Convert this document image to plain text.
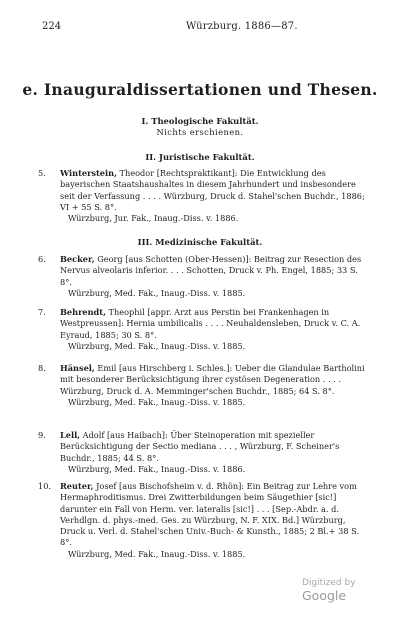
224	Würzburg. 1886—87.
e. Inauguraldissertationen und Thesen.
I. Theologische Fakultät.
Nichts erschienen.
II. Juristische Fakultät.
5. Winterstein, Theodor [Rechtspraktikant]: Die Entwicklung des bayerischen Staatshaushaltes in diesem Jahrhundert und insbesondere seit der Verfassung . . . . Würzburg, Druck d. Stahel'schen Buchdr., 1886; VI + 55 S. 8°.

Würzburg, Jur. Fak., Inaug.-Diss. v. 1886.

III. Medizinische Fakultät.
6. Becker, Georg [aus Schotten (Ober-Hessen)]: Beitrag zur Resection des Nervus alveolaris inferior. . . . Schotten, Druck v. Ph. Engel, 1885; 33 S. 8°.

Würzburg, Med. Fak., Inaug.-Diss. v. 1885.

7. Behrendt, Theophil [appr. Arzt aus Perstin bei Frankenhagen in Westpreussen]: Hernia umbilicalis . . . . Neuhaldensleben, Druck v. C. A. Eyraud, 1885; 30 S. 8°.

Würzburg, Med. Fak., Inaug.-Diss. v. 1885.

8. Hänsel, Emil [aus Hirschberg i. Schles.]: Ueber die Glandulae Bartholini mit besonderer Berücksichtigung ihrer cystösen Degeneration . . . . Würzburg, Druck d. A. Memminger'schen Buchdr., 1885; 64 S. 8°.

Würzburg, Med. Fak., Inaug.-Diss. v. 1885.

9. Lell, Adolf [aus Haibach]: Über Steinoperation mit spezieller Berücksichtigung der Sectio mediana . . . , Würzburg, F. Scheiner's Buchdr., 1885; 44 S. 8°.

Würzburg, Med. Fak., Inaug.-Diss. v. 1886.

10. Reuter, Josef [aus Bischofsheim v. d. Rhön]: Ein Beitrag zur Lehre vom Hermaphroditismus. Drei Zwitterbildungen beim Säugethier [sic!] darunter ein Fall von Herm. ver. lateralis [sic!] . . . [Sep.-Abdr. a. d. Verhdlgn. d. phys.-med. Ges. zu Würzburg, N. F. XIX. Bd.] Würzburg, Druck u. Verl. d. Stahel'schen Univ.-Buch- & Kunsth., 1885; 2 Bl.+ 38 S. 8°.

Würzburg, Med. Fak., Inaug.-Diss. v. 1885.

Digitized by Google
